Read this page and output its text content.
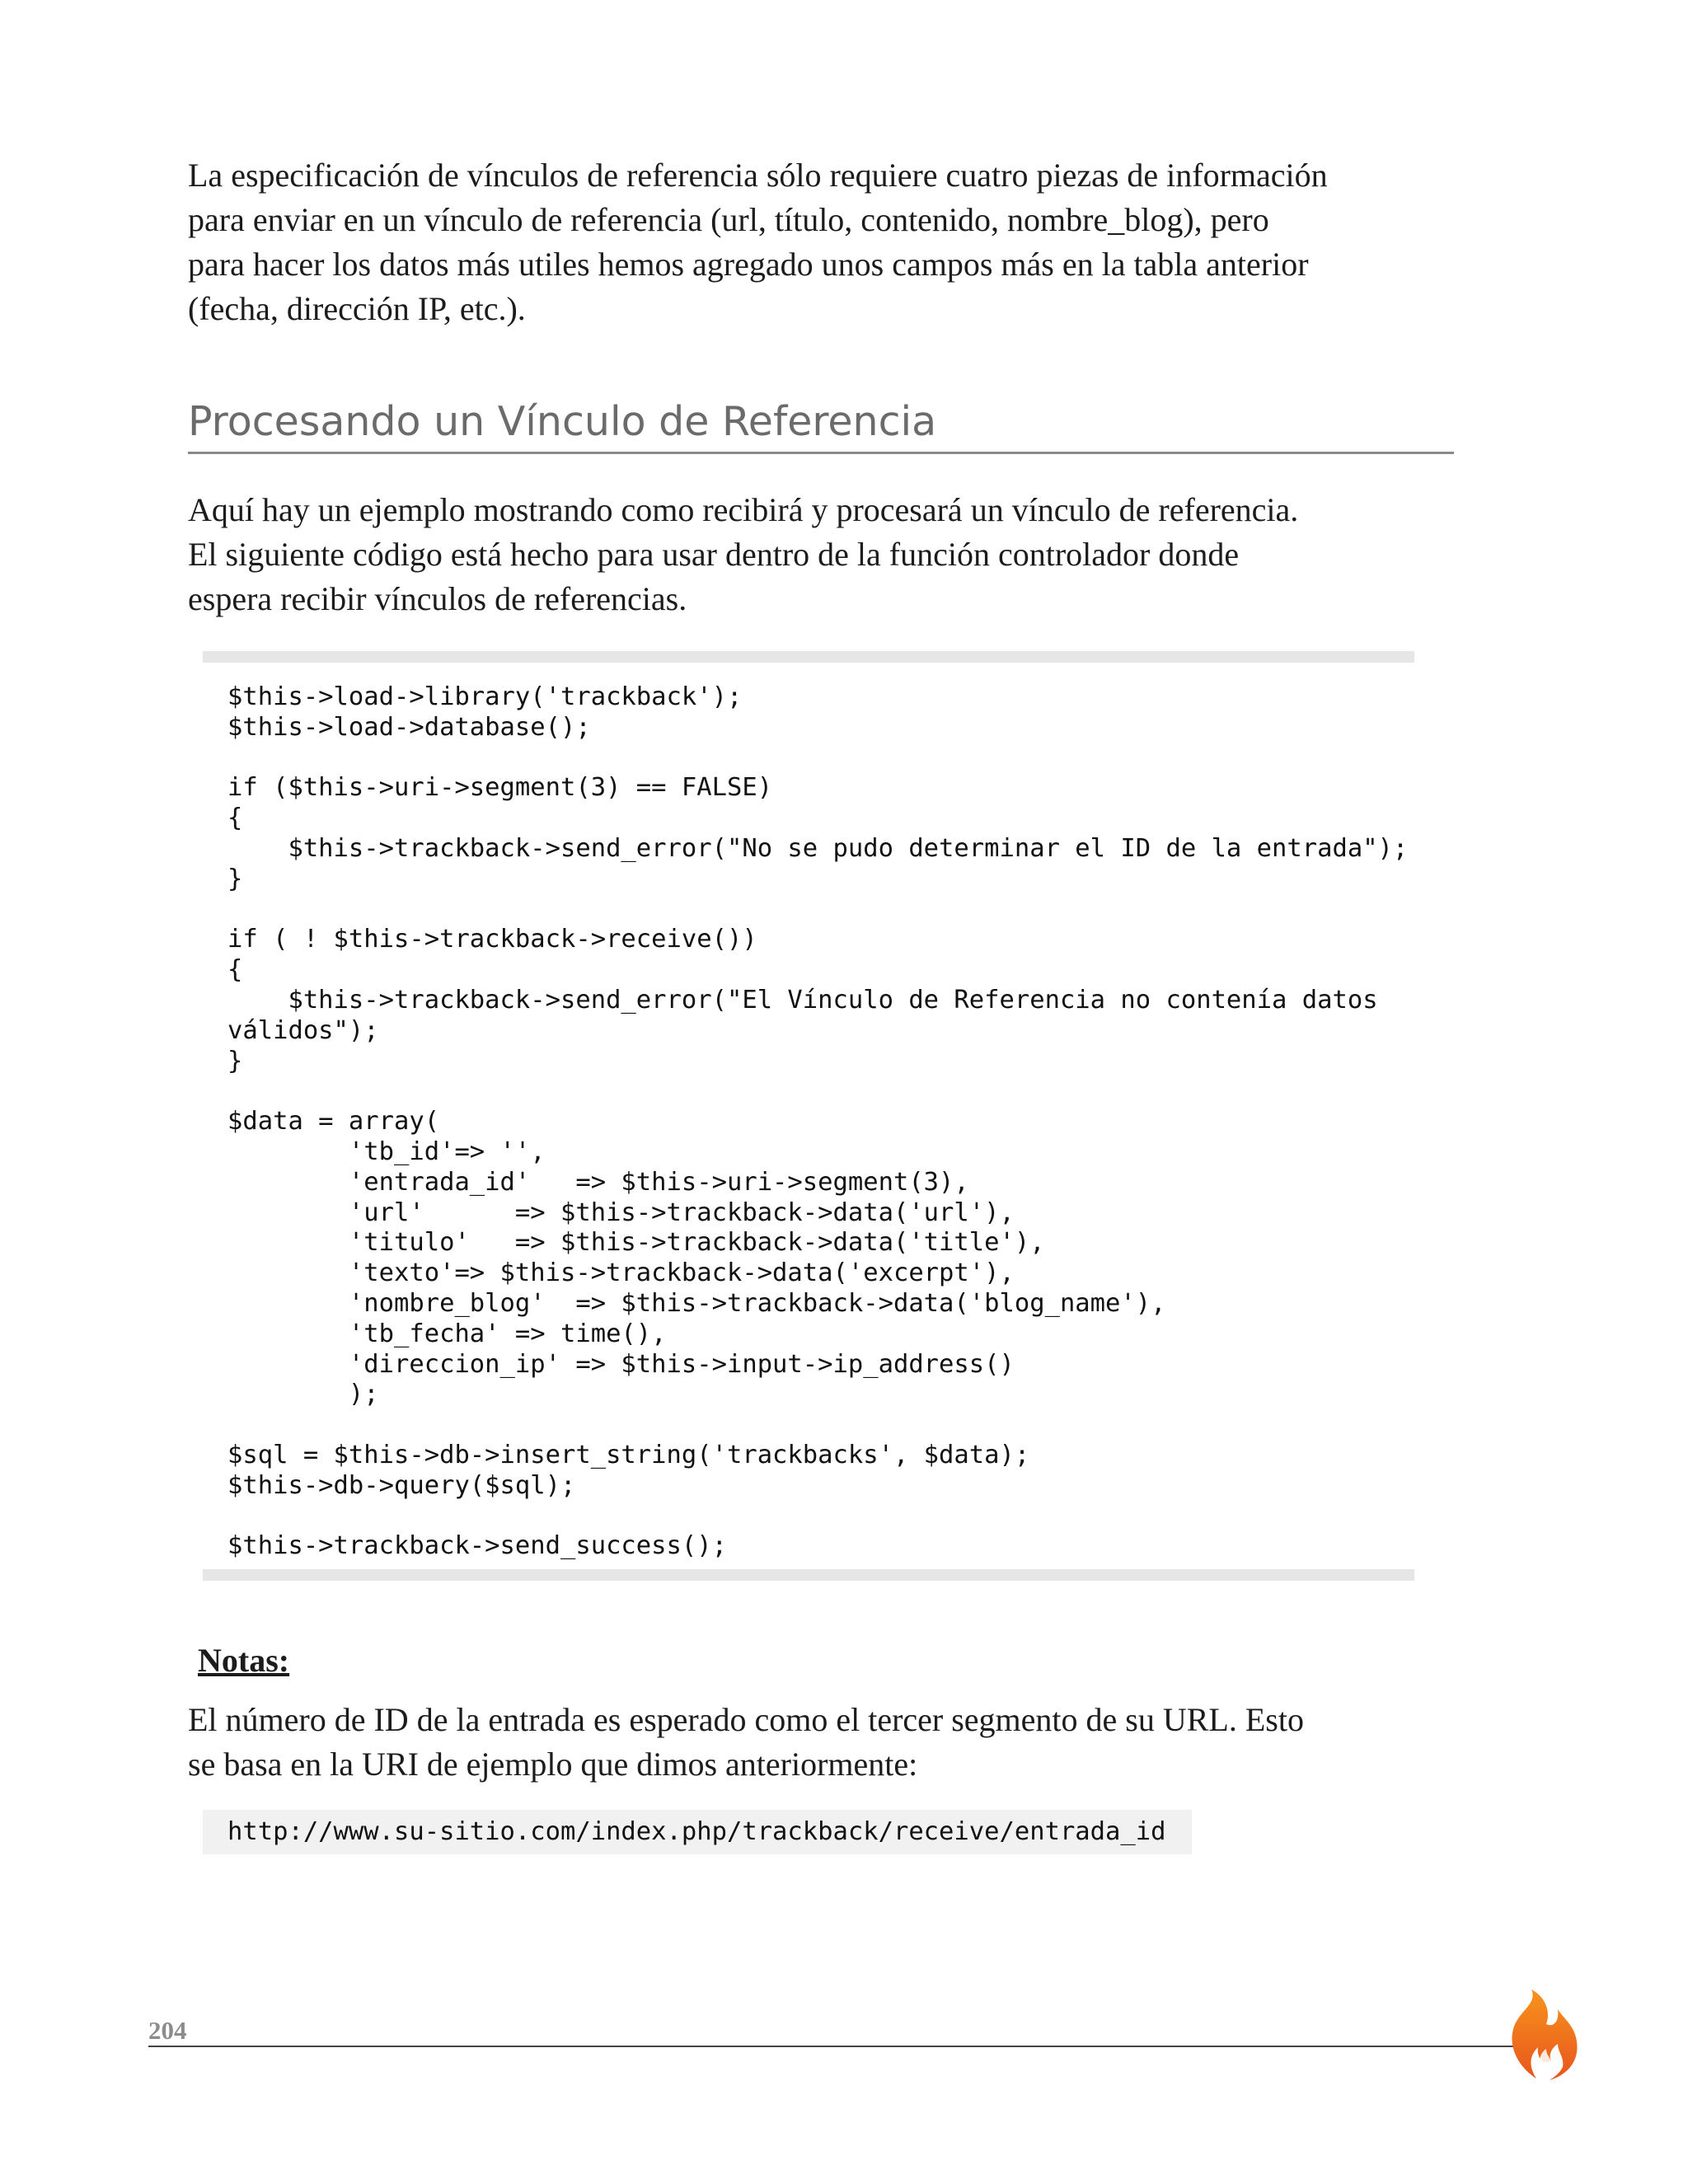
La especificación de vínculos de referencia sólo requiere cuatro piezas de información
para enviar en un vínculo de referencia (url, título, contenido, nombre_blog), pero
para hacer los datos más utiles hemos agregado unos campos más en la tabla anterior
(fecha, dirección IP, etc.).

Procesando un Vínculo de Referencia

Aquí hay un ejemplo mostrando como recibirá y procesará un vínculo de referencia.
El siguiente código está hecho para usar dentro de la función controlador donde
espera recibir vínculos de referencias.

$this->load->library('trackback');
$this->load->database();

if ($this->uri->segment(3) == FALSE)
{
$this->trackback->send_error("No se pudo determinar el ID de la entrada");
}

if ( ! $this->trackback->receive())
{
$this->trackback->send_error("El Vínculo de Referencia no contenía datos
válidos");
}

$data = array(
'tb_id'=> '',
'entrada_id'   => $this->uri->segment(3),
'url'      => $this->trackback->data('url'),
'titulo'   => $this->trackback->data('title'),
'texto'=> $this->trackback->data('excerpt'),
'nombre_blog'  => $this->trackback->data('blog_name'),
'tb_fecha' => time(),
'direccion_ip' => $this->input->ip_address()
);

$sql = $this->db->insert_string('trackbacks', $data);
$this->db->query($sql);

$this->trackback->send_success();
Notas:

El número de ID de la entrada es esperado como el tercer segmento de su URL. Esto
se basa en la URI de ejemplo que dimos anteriormente:

http://www.su-sitio.com/index.php/trackback/receive/entrada_id
204
